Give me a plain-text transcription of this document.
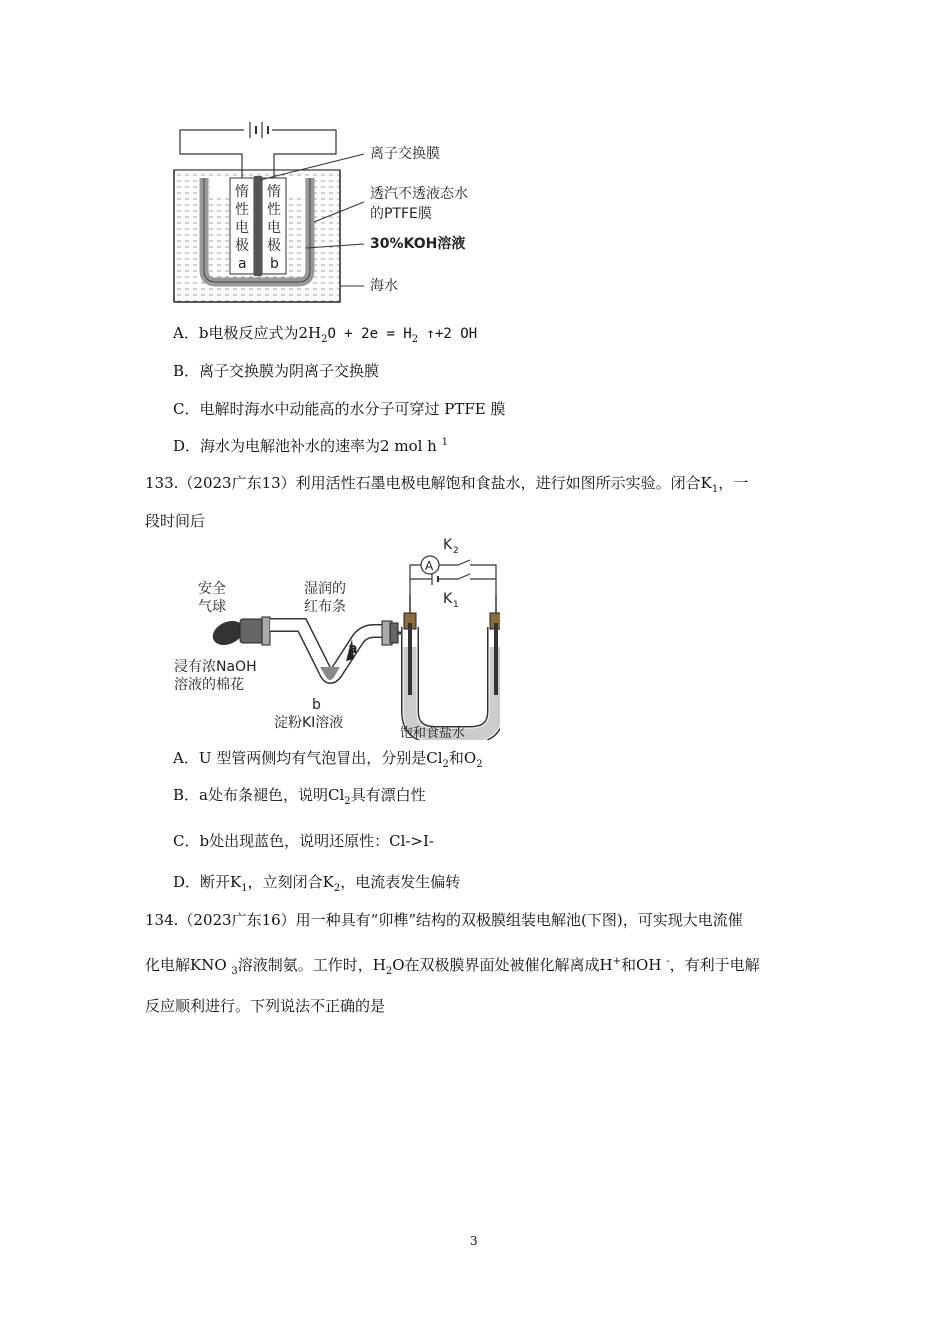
惰
性
电
极
a
惰
性
电
极
b
离子交换膜
透汽不透液态水
的PTFE膜
30%KOH溶液
海水
A．b电极反应式为$2H_2O + 2e = H_2$ ↑+2 OH
B．离子交换膜为阴离子交换膜
C．电解时海水中动能高的水分子可穿过 PTFE 膜
D．海水为电解池补水的速率为2 mol h $^1$
133.（2023广东13）利用活性石墨电极电解饱和食盐水，进行如图所示实验。闭合$K_1$，一
段时间后
A
K 2
K 1
安全
气球
湿润的
红布条
浸有浓NaOH
溶液的棉花
a
b
淀粉KI溶液
饱和食盐水
A．U 型管两侧均有气泡冒出，分别是$Cl_2$和$O_2$
B．a处布条褪色，说明$Cl_2$具有漂白性
C．b处出现蓝色，说明还原性：Cl->I-
D．断开$K_1$，立刻闭合$K_2$，电流表发生偏转
134.（2023广东16）用一种具有“卯榫”结构的双极膜组装电解池(下图)，可实现大电流催
化电解KNO $_3$溶液制氨。工作时，$H_2O$在双极膜界面处被催化解离成H+和OH -，有利于电解
反应顺利进行。下列说法不正确的是
3
